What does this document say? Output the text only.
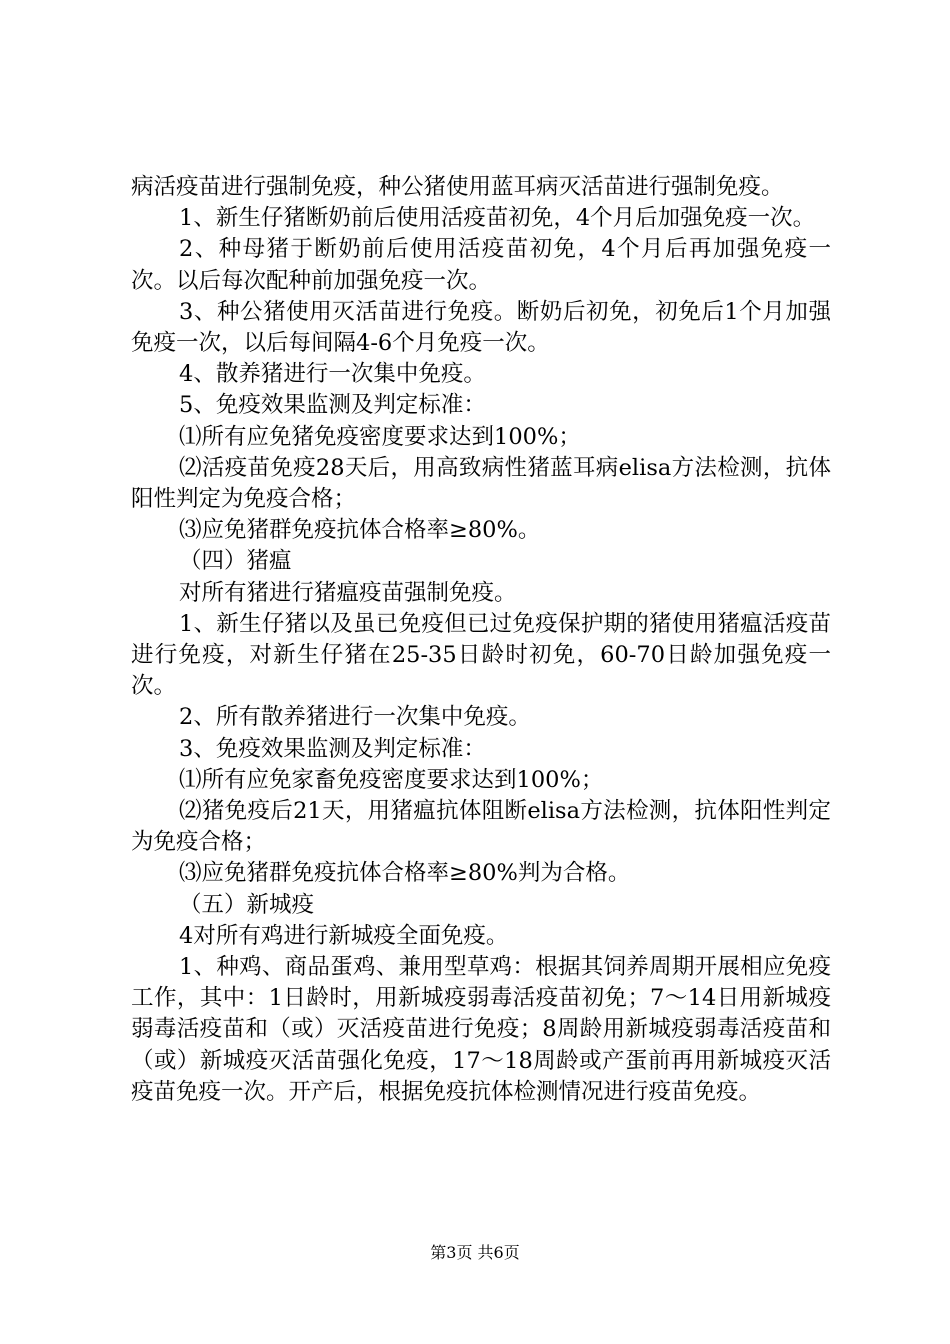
病活疫苗进行强制免疫，种公猪使用蓝耳病灭活苗进行强制免疫。

1、新生仔猪断奶前后使用活疫苗初免，4个月后加强免疫一次。

2、种母猪于断奶前后使用活疫苗初免，4个月后再加强免疫一次。以后每次配种前加强免疫一次。

3、种公猪使用灭活苗进行免疫。断奶后初免，初免后1个月加强免疫一次，以后每间隔4-6个月免疫一次。

4、散养猪进行一次集中免疫。

5、免疫效果监测及判定标准：

⑴所有应免猪免疫密度要求达到100%；

⑵活疫苗免疫28天后，用高致病性猪蓝耳病elisa方法检测，抗体阳性判定为免疫合格；

⑶应免猪群免疫抗体合格率≥80%。

（四）猪瘟

对所有猪进行猪瘟疫苗强制免疫。

1、新生仔猪以及虽已免疫但已过免疫保护期的猪使用猪瘟活疫苗进行免疫，对新生仔猪在25-35日龄时初免，60-70日龄加强免疫一次。

2、所有散养猪进行一次集中免疫。

3、免疫效果监测及判定标准：

⑴所有应免家畜免疫密度要求达到100%；

⑵猪免疫后21天，用猪瘟抗体阻断elisa方法检测，抗体阳性判定为免疫合格；

⑶应免猪群免疫抗体合格率≥80%判为合格。

（五）新城疫

4对所有鸡进行新城疫全面免疫。

1、种鸡、商品蛋鸡、兼用型草鸡：根据其饲养周期开展相应免疫工作，其中：1日龄时，用新城疫弱毒活疫苗初免；7～14日用新城疫弱毒活疫苗和（或）灭活疫苗进行免疫；8周龄用新城疫弱毒活疫苗和（或）新城疫灭活苗强化免疫，17～18周龄或产蛋前再用新城疫灭活疫苗免疫一次。开产后，根据免疫抗体检测情况进行疫苗免疫。

第3页 共6页
